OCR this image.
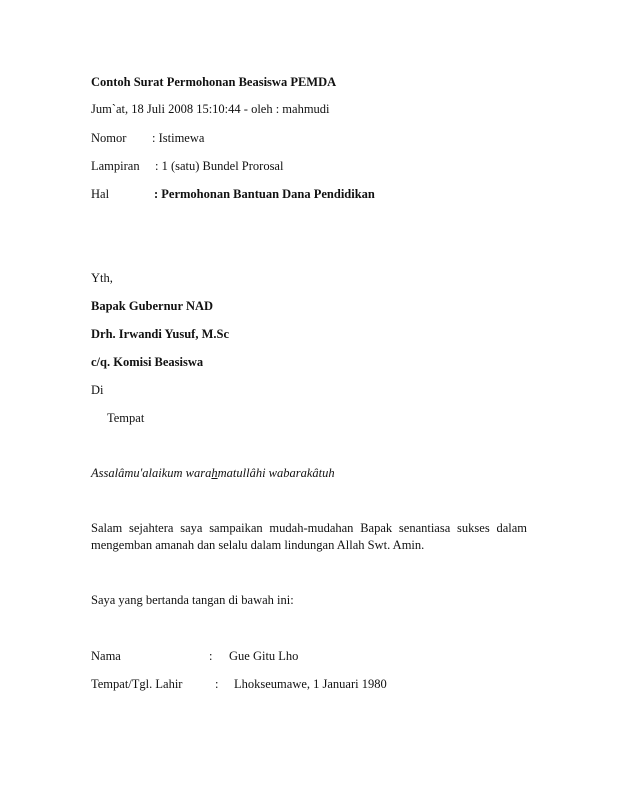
Contoh Surat Permohonan Beasiswa PEMDA
Jum`at, 18 Juli 2008 15:10:44 - oleh : mahmudi
Nomor : Istimewa
Lampiran : 1 (satu) Bundel Prorosal
Hal	: Permohonan Bantuan Dana Pendidikan
Yth,
Bapak Gubernur NAD
Drh. Irwandi Yusuf, M.Sc
c/q. Komisi Beasiswa
Di
Tempat
Assalâmu'alaikum warahmatullâhi wabarakâtuh
Salam sejahtera saya sampaikan mudah-mudahan Bapak senantiasa sukses dalam mengemban amanah dan selalu dalam lindungan Allah Swt. Amin.
Saya yang bertanda tangan di bawah ini:
Nama	: Gue Gitu Lho
Tempat/Tgl. Lahir	: Lhokseumawe, 1 Januari 1980
